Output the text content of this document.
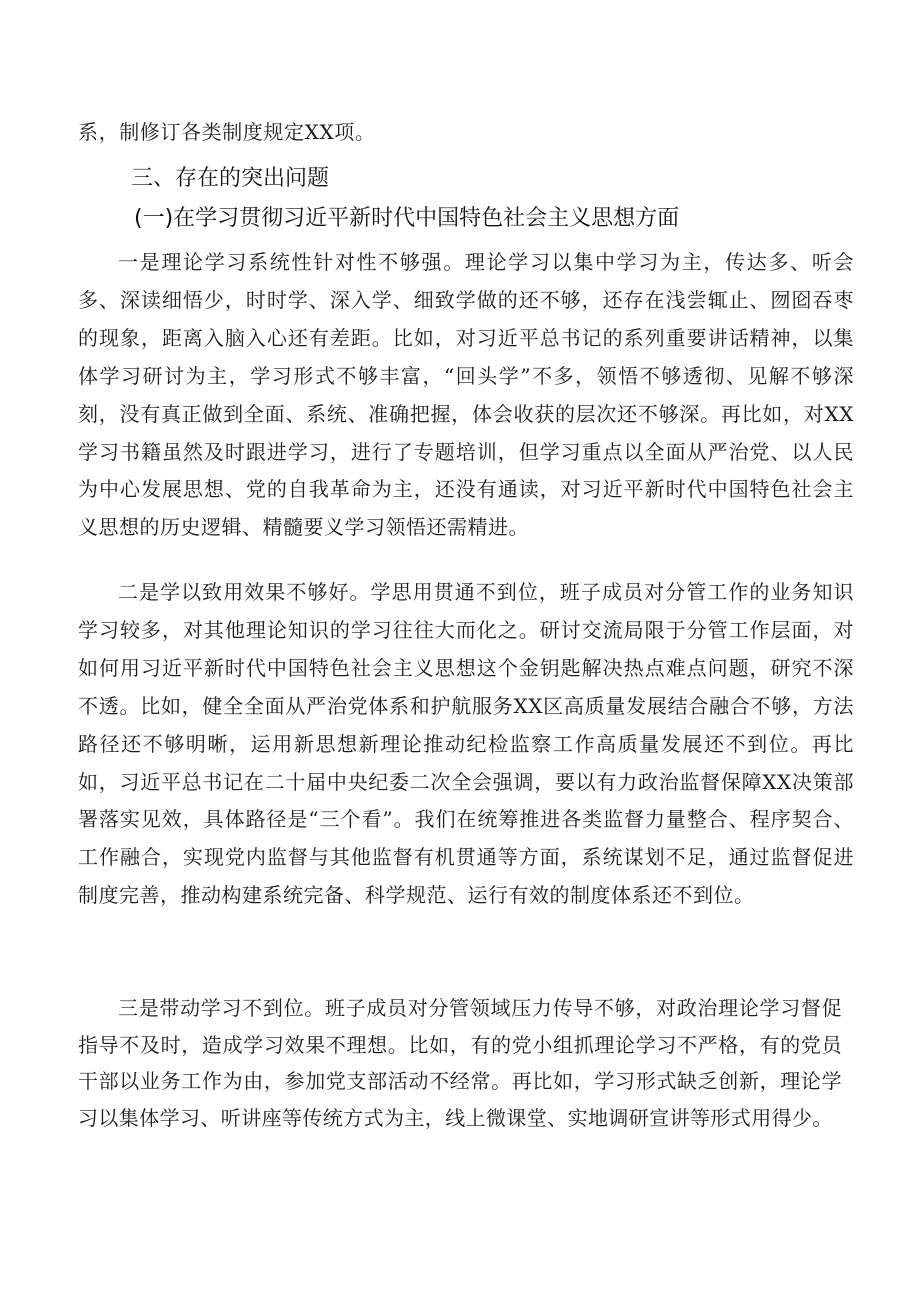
系，制修订各类制度规定XX项。
三、存在的突出问题
(一)在学习贯彻习近平新时代中国特色社会主义思想方面

一是理论学习系统性针对性不够强。理论学习以集中学习为主，传达多、听会多、深读细悟少，时时学、深入学、细致学做的还不够，还存在浅尝辄止、囫囵吞枣的现象，距离入脑入心还有差距。比如，对习近平总书记的系列重要讲话精神，以集体学习研讨为主，学习形式不够丰富，“回头学”不多，领悟不够透彻、见解不够深刻，没有真正做到全面、系统、准确把握，体会收获的层次还不够深。再比如，对XX学习书籍虽然及时跟进学习，进行了专题培训，但学习重点以全面从严治党、以人民为中心发展思想、党的自我革命为主，还没有通读，对习近平新时代中国特色社会主义思想的历史逻辑、精髓要义学习领悟还需精进。

二是学以致用效果不够好。学思用贯通不到位，班子成员对分管工作的业务知识学习较多，对其他理论知识的学习往往大而化之。研讨交流局限于分管工作层面，对如何用习近平新时代中国特色社会主义思想这个金钥匙解决热点难点问题，研究不深不透。比如，健全全面从严治党体系和护航服务XX区高质量发展结合融合不够，方法路径还不够明晰，运用新思想新理论推动纪检监察工作高质量发展还不到位。再比如，习近平总书记在二十届中央纪委二次全会强调，要以有力政治监督保障XX决策部署落实见效，具体路径是“三个看”。我们在统筹推进各类监督力量整合、程序契合、工作融合，实现党内监督与其他监督有机贯通等方面，系统谋划不足，通过监督促进制度完善，推动构建系统完备、科学规范、运行有效的制度体系还不到位。

三是带动学习不到位。班子成员对分管领域压力传导不够，对政治理论学习督促指导不及时，造成学习效果不理想。比如，有的党小组抓理论学习不严格，有的党员干部以业务工作为由，参加党支部活动不经常。再比如，学习形式缺乏创新，理论学习以集体学习、听讲座等传统方式为主，线上微课堂、实地调研宣讲等形式用得少。
